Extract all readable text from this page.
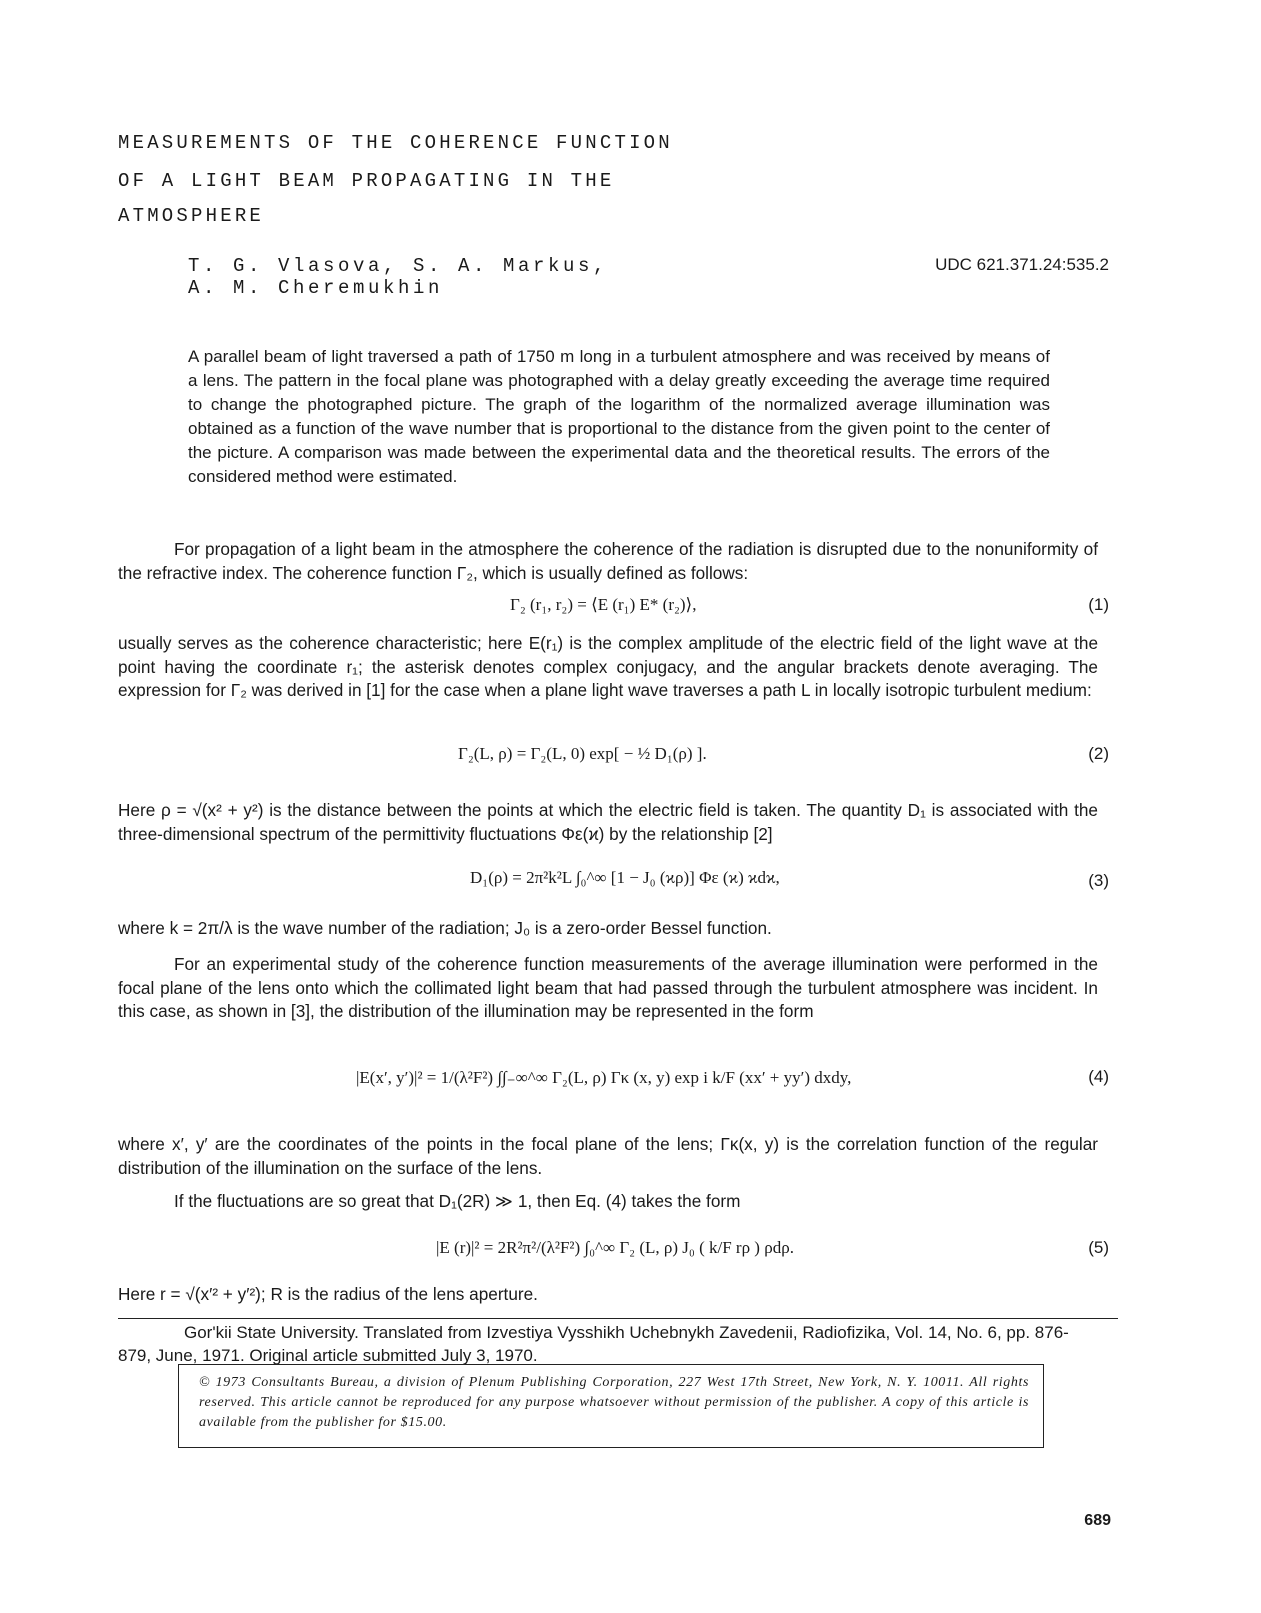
MEASUREMENTS OF THE COHERENCE FUNCTION
OF A LIGHT BEAM PROPAGATING IN THE
ATMOSPHERE
T. G. Vlasova, S. A. Markus,
A. M. Cheremukhin
UDC 621.371.24:535.2
A parallel beam of light traversed a path of 1750 m long in a turbulent atmosphere and was received by means of a lens. The pattern in the focal plane was photographed with a delay greatly exceeding the average time required to change the photographed picture. The graph of the logarithm of the normalized average illumination was obtained as a function of the wave number that is proportional to the distance from the given point to the center of the picture. A comparison was made between the experimental data and the theoretical results. The errors of the considered method were estimated.
For propagation of a light beam in the atmosphere the coherence of the radiation is disrupted due to the nonuniformity of the refractive index. The coherence function Γ₂, which is usually defined as follows:
Γ₂ (r₁, r₂) = ⟨E (r₁) E* (r₂)⟩,	(1)
usually serves as the coherence characteristic; here E(r₁) is the complex amplitude of the electric field of the light wave at the point having the coordinate r₁; the asterisk denotes complex conjugacy, and the angular brackets denote averaging. The expression for Γ₂ was derived in [1] for the case when a plane light wave traverses a path L in locally isotropic turbulent medium:
Γ₂(L, ρ) = Γ₂(L, 0) exp[ − ½ D₁(ρ) ].	(2)
Here ρ = √(x² + y²) is the distance between the points at which the electric field is taken. The quantity D₁ is associated with the three-dimensional spectrum of the permittivity fluctuations Φε(ϰ) by the relationship [2]
D₁(ρ) = 2π²k²L ∫₀^∞ [1 − J₀ (ϰρ)] Φε (ϰ) ϰdϰ,	(3)
where k = 2π/λ is the wave number of the radiation; J₀ is a zero-order Bessel function.
For an experimental study of the coherence function measurements of the average illumination were performed in the focal plane of the lens onto which the collimated light beam that had passed through the turbulent atmosphere was incident. In this case, as shown in [3], the distribution of the illumination may be represented in the form
|E(x′, y′)|² = 1/(λ²F²) ∫∫₋∞^∞ Γ₂(L, ρ) Γκ (x, y) exp i k/F (xx′ + yy′) dxdy,	(4)
where x′, y′ are the coordinates of the points in the focal plane of the lens; Γκ(x, y) is the correlation function of the regular distribution of the illumination on the surface of the lens.
If the fluctuations are so great that D₁(2R) ≫ 1, then Eq. (4) takes the form
|E (r)|² = 2R²π²/(λ²F²) ∫₀^∞ Γ₂ (L, ρ) J₀ ( k/F rρ ) ρdρ.	(5)
Here r = √(x′² + y′²); R is the radius of the lens aperture.
Gor'kii State University. Translated from Izvestiya Vysshikh Uchebnykh Zavedenii, Radiofizika, Vol. 14, No. 6, pp. 876-879, June, 1971. Original article submitted July 3, 1970.
© 1973 Consultants Bureau, a division of Plenum Publishing Corporation, 227 West 17th Street, New York, N. Y. 10011. All rights reserved. This article cannot be reproduced for any purpose whatsoever without permission of the publisher. A copy of this article is available from the publisher for $15.00.
689
